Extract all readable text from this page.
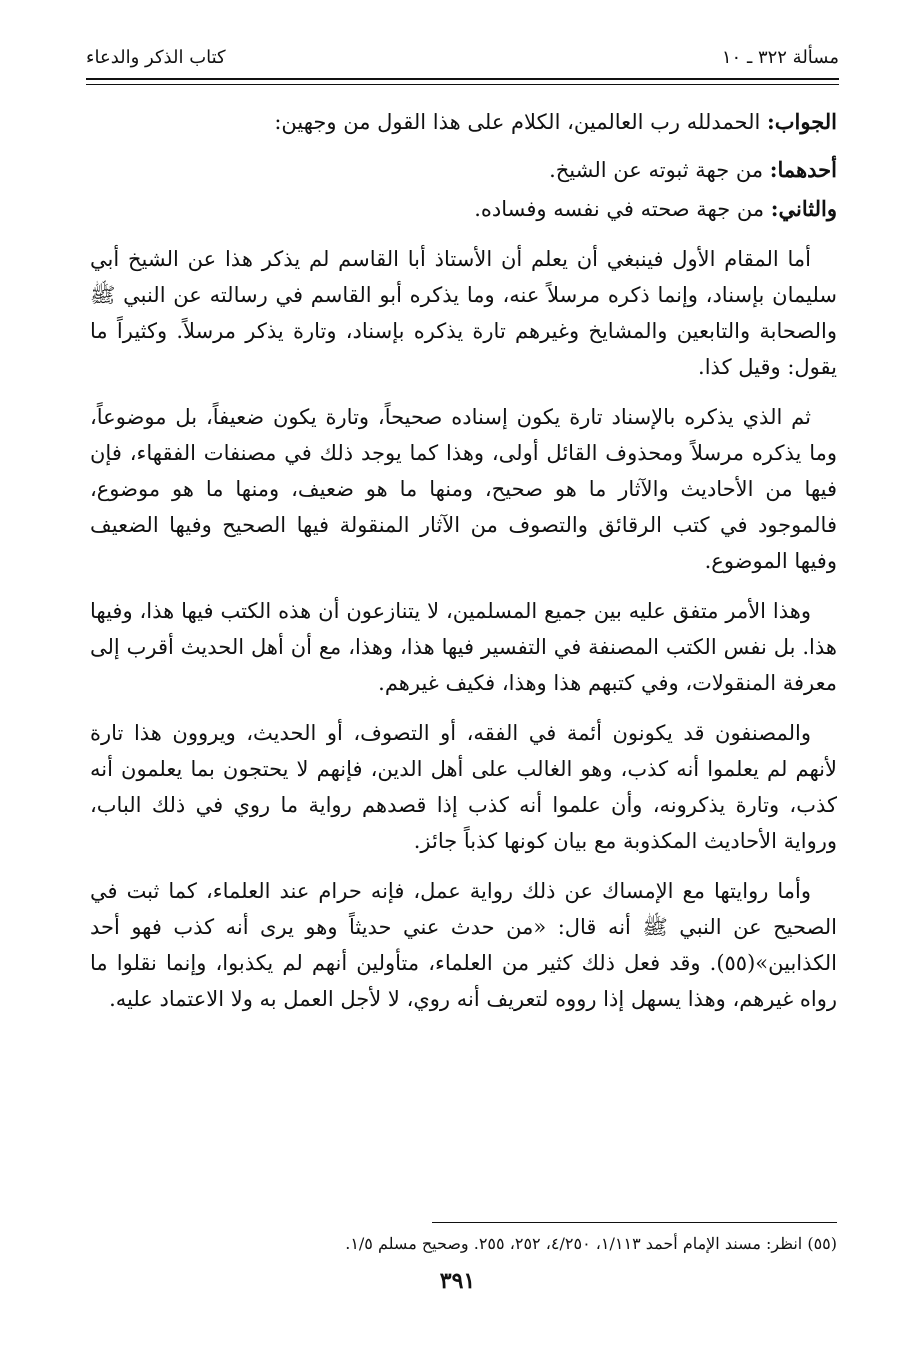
مسألة ٣٢٢ ـ ١٠
كتاب الذكر والدعاء

الجواب: الحمدلله رب العالمين، الكلام على هذا القول من وجهين:

أحدهما: من جهة ثبوته عن الشيخ.

والثاني: من جهة صحته في نفسه وفساده.

أما المقام الأول فينبغي أن يعلم أن الأستاذ أبا القاسم لم يذكر هذا عن الشيخ أبي سليمان بإسناد، وإنما ذكره مرسلاً عنه، وما يذكره أبو القاسم في رسالته عن النبي ﷺ والصحابة والتابعين والمشايخ وغيرهم تارة يذكره بإسناد، وتارة يذكر مرسلاً. وكثيراً ما يقول: وقيل كذا.

ثم الذي يذكره بالإسناد تارة يكون إسناده صحيحاً، وتارة يكون ضعيفاً، بل موضوعاً، وما يذكره مرسلاً ومحذوف القائل أولى، وهذا كما يوجد ذلك في مصنفات الفقهاء، فإن فيها من الأحاديث والآثار ما هو صحيح، ومنها ما هو ضعيف، ومنها ما هو موضوع، فالموجود في كتب الرقائق والتصوف من الآثار المنقولة فيها الصحيح وفيها الضعيف وفيها الموضوع.

وهذا الأمر متفق عليه بين جميع المسلمين، لا يتنازعون أن هذه الكتب فيها هذا، وفيها هذا. بل نفس الكتب المصنفة في التفسير فيها هذا، وهذا، مع أن أهل الحديث أقرب إلى معرفة المنقولات، وفي كتبهم هذا وهذا، فكيف غيرهم.

والمصنفون قد يكونون أئمة في الفقه، أو التصوف، أو الحديث، ويروون هذا تارة لأنهم لم يعلموا أنه كذب، وهو الغالب على أهل الدين، فإنهم لا يحتجون بما يعلمون أنه كذب، وتارة يذكرونه، وأن علموا أنه كذب إذا قصدهم رواية ما روي في ذلك الباب، ورواية الأحاديث المكذوبة مع بيان كونها كذباً جائز.

وأما روايتها مع الإمساك عن ذلك رواية عمل، فإنه حرام عند العلماء، كما ثبت في الصحيح عن النبي ﷺ أنه قال: «من حدث عني حديثاً وهو يرى أنه كذب فهو أحد الكذابين»(٥٥). وقد فعل ذلك كثير من العلماء، متأولين أنهم لم يكذبوا، وإنما نقلوا ما رواه غيرهم، وهذا يسهل إذا رووه لتعريف أنه روي، لا لأجل العمل به ولا الاعتماد عليه.

(٥٥) انظر: مسند الإمام أحمد ١/١١٣، ٤/٢٥٠، ٢٥٢، ٢٥٥. وصحيح مسلم ١/٥.
٣٩١
